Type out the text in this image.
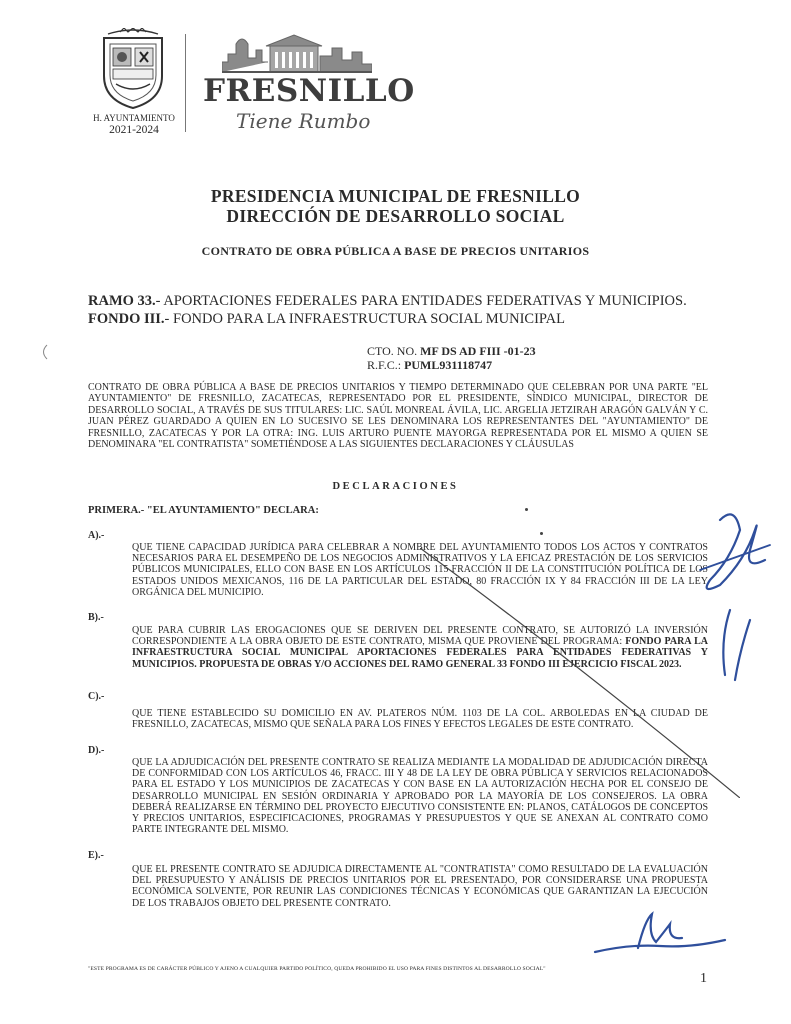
H. AYUNTAMIENTO
2021-2024
FRESNILLO
Tiene Rumbo
PRESIDENCIA MUNICIPAL DE FRESNILLO
DIRECCIÓN DE DESARROLLO SOCIAL
CONTRATO DE OBRA PÚBLICA A BASE DE PRECIOS UNITARIOS
RAMO 33.- APORTACIONES FEDERALES PARA ENTIDADES FEDERATIVAS Y MUNICIPIOS.
FONDO III.- FONDO PARA LA INFRAESTRUCTURA SOCIAL MUNICIPAL
CTO. NO. MF DS AD FIII -01-23
R.F.C.: PUML931118747
CONTRATO DE OBRA PÚBLICA A BASE DE PRECIOS UNITARIOS Y TIEMPO DETERMINADO QUE CELEBRAN POR UNA PARTE "EL AYUNTAMIENTO" DE FRESNILLO, ZACATECAS, REPRESENTADO POR EL PRESIDENTE, SÍNDICO MUNICIPAL, DIRECTOR DE DESARROLLO SOCIAL, A TRAVÉS DE SUS TITULARES: LIC. SAÚL MONREAL ÁVILA, LIC. ARGELIA JETZIRAH ARAGÓN GALVÁN Y C. JUAN PÉREZ GUARDADO A QUIEN EN LO SUCESIVO SE LES DENOMINARA LOS REPRESENTANTES DEL "AYUNTAMIENTO" DE FRESNILLO, ZACATECAS Y POR LA OTRA: ING. LUIS ARTURO PUENTE MAYORGA REPRESENTADA POR EL MISMO A QUIEN SE DENOMINARA "EL CONTRATISTA" SOMETIÉNDOSE A LAS SIGUIENTES DECLARACIONES Y CLÁUSULAS
DECLARACIONES
PRIMERA.- "EL AYUNTAMIENTO" DECLARA:
A).-
QUE TIENE CAPACIDAD JURÍDICA PARA CELEBRAR A NOMBRE DEL AYUNTAMIENTO TODOS LOS ACTOS Y CONTRATOS NECESARIOS PARA EL DESEMPEÑO DE LOS NEGOCIOS ADMINISTRATIVOS Y LA EFICAZ PRESTACIÓN DE LOS SERVICIOS PÚBLICOS MUNICIPALES, ELLO CON BASE EN LOS ARTÍCULOS 115 FRACCIÓN II DE LA CONSTITUCIÓN POLÍTICA DE LOS ESTADOS UNIDOS MEXICANOS, 116 DE LA PARTICULAR DEL ESTADO, 80 FRACCIÓN IX Y 84 FRACCIÓN III DE LA LEY ORGÁNICA DEL MUNICIPIO.
B).-
QUE PARA CUBRIR LAS EROGACIONES QUE SE DERIVEN DEL PRESENTE CONTRATO, SE AUTORIZÓ LA INVERSIÓN CORRESPONDIENTE A LA OBRA OBJETO DE ESTE CONTRATO, MISMA QUE PROVIENE DEL PROGRAMA: FONDO PARA LA INFRAESTRUCTURA SOCIAL MUNICIPAL APORTACIONES FEDERALES PARA ENTIDADES FEDERATIVAS Y MUNICIPIOS. PROPUESTA DE OBRAS Y/O ACCIONES DEL RAMO GENERAL 33 FONDO III EJERCICIO FISCAL 2023.
C).-
QUE TIENE ESTABLECIDO SU DOMICILIO EN AV. PLATEROS NÚM. 1103 DE LA COL. ARBOLEDAS EN LA CIUDAD DE FRESNILLO, ZACATECAS, MISMO QUE SEÑALA PARA LOS FINES Y EFECTOS LEGALES DE ESTE CONTRATO.
D).-
QUE LA ADJUDICACIÓN DEL PRESENTE CONTRATO SE REALIZA MEDIANTE LA MODALIDAD DE ADJUDICACIÓN DIRECTA DE CONFORMIDAD CON LOS ARTÍCULOS 46, FRACC. III Y 48 DE LA LEY DE OBRA PÚBLICA Y SERVICIOS RELACIONADOS PARA EL ESTADO Y LOS MUNICIPIOS DE ZACATECAS Y CON BASE EN LA AUTORIZACIÓN HECHA POR EL CONSEJO DE DESARROLLO MUNICIPAL EN SESIÓN ORDINARIA Y APROBADO POR LA MAYORÍA DE LOS CONSEJEROS. LA OBRA DEBERÁ REALIZARSE EN TÉRMINO DEL PROYECTO EJECUTIVO CONSISTENTE EN: PLANOS, CATÁLOGOS DE CONCEPTOS Y PRECIOS UNITARIOS, ESPECIFICACIONES, PROGRAMAS Y PRESUPUESTOS Y QUE SE ANEXAN AL CONTRATO COMO PARTE INTEGRANTE DEL MISMO.
E).-
QUE EL PRESENTE CONTRATO SE ADJUDICA DIRECTAMENTE AL "CONTRATISTA" COMO RESULTADO DE LA EVALUACIÓN DEL PRESUPUESTO Y ANÁLISIS DE PRECIOS UNITARIOS POR EL PRESENTADO, POR CONSIDERARSE UNA PROPUESTA ECONÓMICA SOLVENTE, POR REUNIR LAS CONDICIONES TÉCNICAS Y ECONÓMICAS QUE GARANTIZAN LA EJECUCIÓN DE LOS TRABAJOS OBJETO DEL PRESENTE CONTRATO.
"ESTE PROGRAMA ES DE CARÁCTER PÚBLICO Y AJENO A CUALQUIER PARTIDO POLÍTICO, QUEDA PROHIBIDO EL USO PARA FINES DISTINTOS AL DESARROLLO SOCIAL"
1
